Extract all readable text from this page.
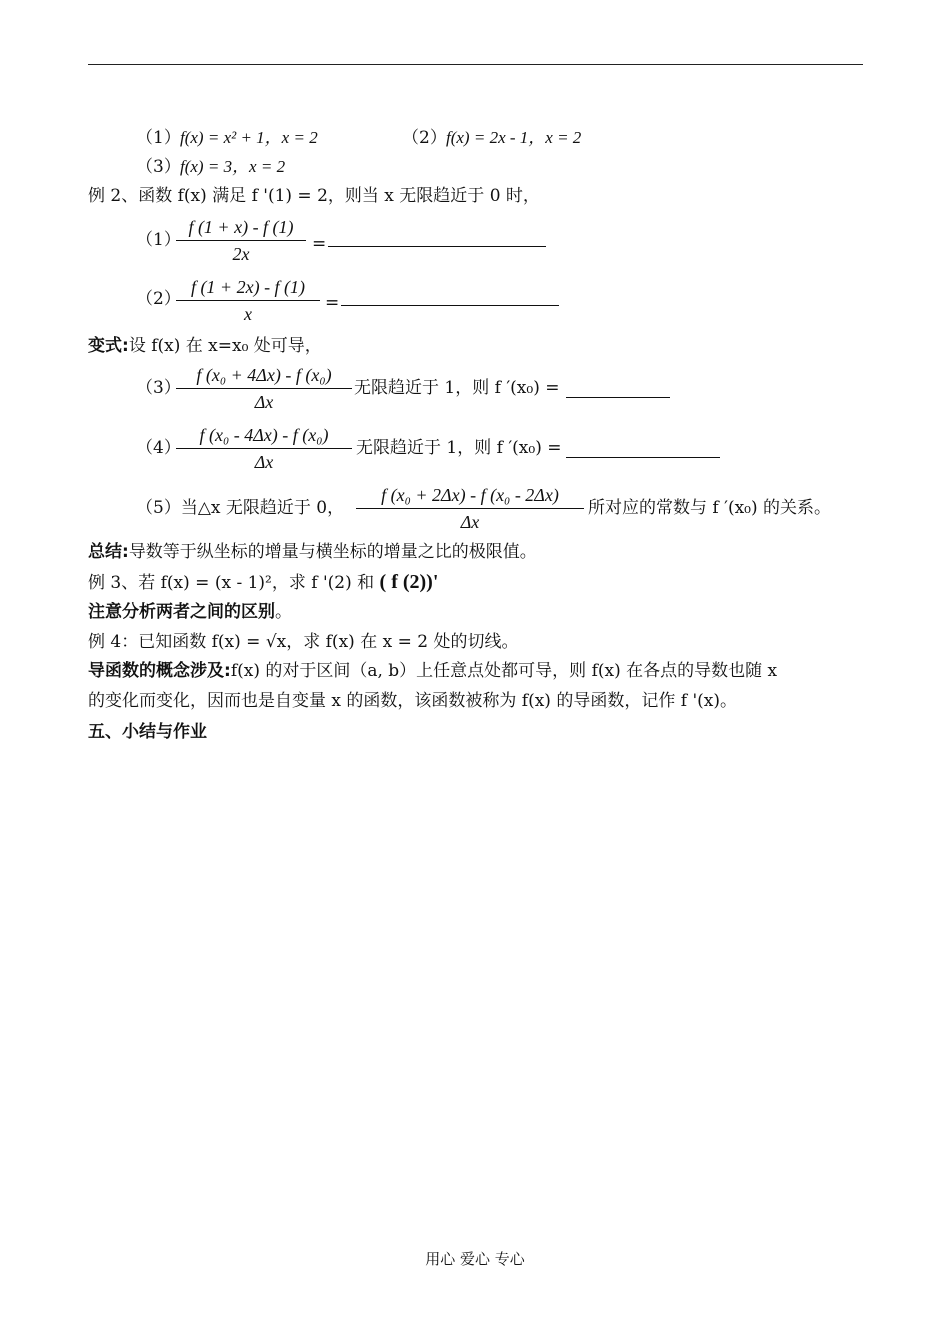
（1） f(x) = x² + 1，x = 2	（2） f(x) = 2x - 1，x = 2
（3） f(x) = 3，x = 2
例 2、函数 f(x) 满足 f '(1) = 2，则当 x 无限趋近于 0 时，
（1）
f (1 + x) - f (1)
2x	=
（2）
f (1 + 2x) - f (1)
x
=
变式:设 f(x) 在 x=x₀ 处可导，
（3）
f (x₀ + 4Δx) - f (x₀)
Δx
无限趋近于 1，则 f ′(x₀) =
（4）
f (x₀ - 4Δx) - f (x₀)
Δx
无限趋近于 1，则 f ′(x₀) =
（5）当△x 无限趋近于 0，
f (x₀ + 2Δx) - f (x₀ - 2Δx)
Δx
所对应的常数与 f ′(x₀) 的关系。
总结:导数等于纵坐标的增量与横坐标的增量之比的极限值。
例 3、若 f(x) = (x - 1)²，求 f '(2) 和 ( f (2))'
注意分析两者之间的区别。
例 4：已知函数 f(x) = √x，求 f(x) 在 x = 2 处的切线。
导函数的概念涉及:f(x) 的对于区间（a, b）上任意点处都可导，则 f(x) 在各点的导数也随 x
的变化而变化，因而也是自变量 x 的函数，该函数被称为 f(x) 的导函数，记作 f '(x)。
五、小结与作业
用心 爱心 专心
